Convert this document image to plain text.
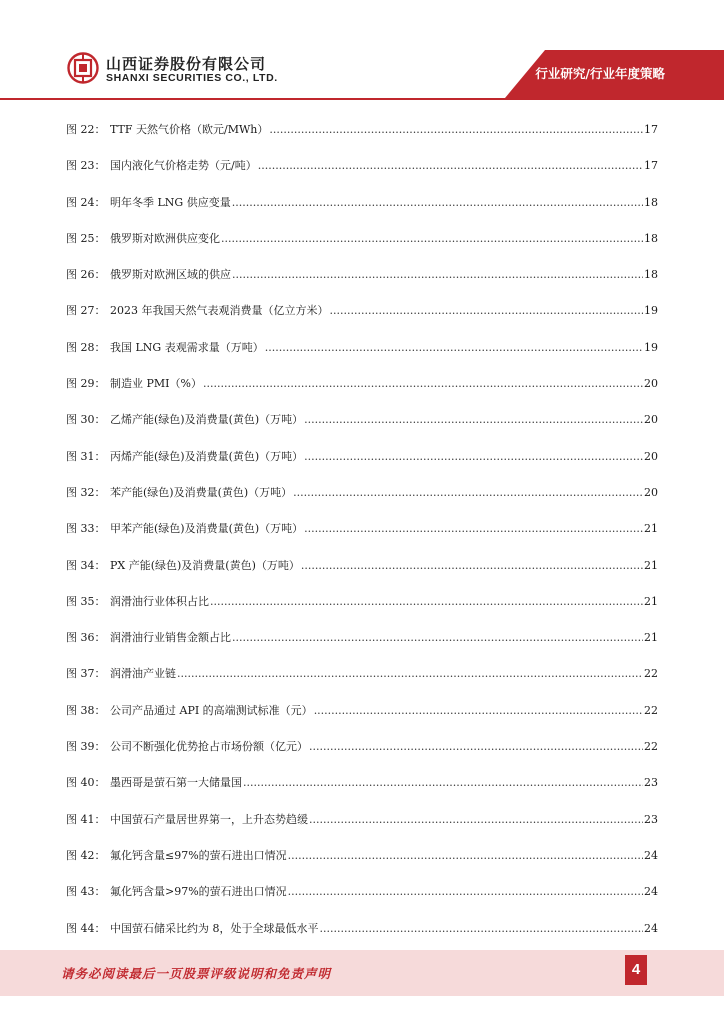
山西证券股份有限公司
SHANXI SECURITIES CO., LTD.	行业研究/行业年度策略
图 22： TTF 天然气价格（欧元/MWh） .....	17
图 23： 国内液化气价格走势（元/吨） .....	17
图 24： 明年冬季 LNG 供应变量 .....	18
图 25： 俄罗斯对欧洲供应变化 .....	18
图 26： 俄罗斯对欧洲区域的供应 .....	18
图 27： 2023 年我国天然气表观消费量（亿立方米） .....	19
图 28： 我国 LNG 表观需求量（万吨） .....	19
图 29： 制造业 PMI（%） .....	20
图 30： 乙烯产能(绿色)及消费量(黄色)（万吨） .....	20
图 31： 丙烯产能(绿色)及消费量(黄色)（万吨） .....	20
图 32： 苯产能(绿色)及消费量(黄色)（万吨） .....	20
图 33： 甲苯产能(绿色)及消费量(黄色)（万吨） .....	21
图 34： PX 产能(绿色)及消费量(黄色)（万吨） .....	21
图 35： 润滑油行业体积占比 .....	21
图 36： 润滑油行业销售金额占比 .....	21
图 37： 润滑油产业链 .....	22
图 38： 公司产品通过 API 的高端测试标准（元） .....	22
图 39： 公司不断强化优势抢占市场份额（亿元） .....	22
图 40： 墨西哥是萤石第一大储量国 .....	23
图 41： 中国萤石产量居世界第一，上升态势趋缓 .....	23
图 42： 氟化钙含量≤97%的萤石进出口情况 .....	24
图 43： 氟化钙含量>97%的萤石进出口情况 .....	24
图 44： 中国萤石储采比约为 8，处于全球最低水平 .....	24
请务必阅读最后一页股票评级说明和免责声明	4
